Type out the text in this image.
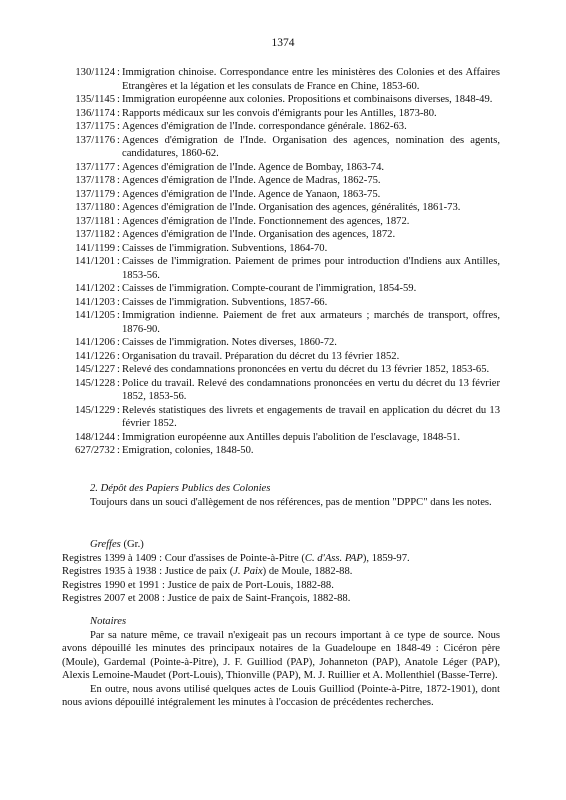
1374
130/1124 : Immigration chinoise. Correspondance entre les ministères des Colonies et des Affaires Etrangères et la légation et les consulats de France en Chine, 1853-60.
135/1145 : Immigration européenne aux colonies. Propositions et combinaisons diverses, 1848-49.
136/1174 : Rapports médicaux sur les convois d'émigrants pour les Antilles, 1873-80.
137/1175 : Agences d'émigration de l'Inde. correspondance générale. 1862-63.
137/1176 : Agences d'émigration de l'Inde. Organisation des agences, nomination des agents, candidatures, 1860-62.
137/1177 : Agences d'émigration de l'Inde. Agence de Bombay, 1863-74.
137/1178 : Agences d'émigration de l'Inde. Agence de Madras, 1862-75.
137/1179 : Agences d'émigration de l'Inde. Agence de Yanaon, 1863-75.
137/1180 : Agences d'émigration de l'Inde. Organisation des agences, généralités, 1861-73.
137/1181 : Agences d'émigration de l'Inde. Fonctionnement des agences, 1872.
137/1182 : Agences d'émigration de l'Inde. Organisation des agences, 1872.
141/1199 : Caisses de l'immigration. Subventions, 1864-70.
141/1201 : Caisses de l'immigration. Paiement de primes pour introduction d'Indiens aux Antilles, 1853-56.
141/1202 : Caisses de l'immigration. Compte-courant de l'immigration, 1854-59.
141/1203 : Caisses de l'immigration. Subventions, 1857-66.
141/1205 : Immigration indienne. Paiement de fret aux armateurs ; marchés de transport, offres, 1876-90.
141/1206 : Caisses de l'immigration. Notes diverses, 1860-72.
141/1226 : Organisation du travail. Préparation du décret du 13 février 1852.
145/1227 : Relevé des condamnations prononcées en vertu du décret du 13 février 1852, 1853-65.
145/1228 : Police du travail. Relevé des condamnations prononcées en vertu du décret du 13 février 1852, 1853-56.
145/1229 : Relevés statistiques des livrets et engagements de travail en application du décret du 13 février 1852.
148/1244 : Immigration européenne aux Antilles depuis l'abolition de l'esclavage, 1848-51.
627/2732 : Emigration, colonies, 1848-50.
2. Dépôt des Papiers Publics des Colonies
Toujours dans un souci d'allègement de nos références, pas de mention "DPPC" dans les notes.
Greffes (Gr.)
Registres 1399 à 1409 : Cour d'assises de Pointe-à-Pitre (C. d'Ass. PAP), 1859-97.
Registres 1935 à 1938 : Justice de paix (J. Paix) de Moule, 1882-88.
Registres 1990 et 1991 : Justice de paix de Port-Louis, 1882-88.
Registres 2007 et 2008 : Justice de paix de Saint-François, 1882-88.
Notaires
Par sa nature même, ce travail n'exigeait pas un recours important à ce type de source. Nous avons dépouillé les minutes des principaux notaires de la Guadeloupe en 1848-49 : Cicéron père (Moule), Gardemal (Pointe-à-Pitre), J. F. Guilliod (PAP), Johanneton (PAP), Anatole Léger (PAP), Alexis Lemoine-Maudet (Port-Louis), Thionville (PAP), M. J. Ruillier et A. Mollenthiel (Basse-Terre).
En outre, nous avons utilisé quelques actes de Louis Guilliod (Pointe-à-Pitre, 1872-1901), dont nous avions dépouillé intégralement les minutes à l'occasion de précédentes recherches.
